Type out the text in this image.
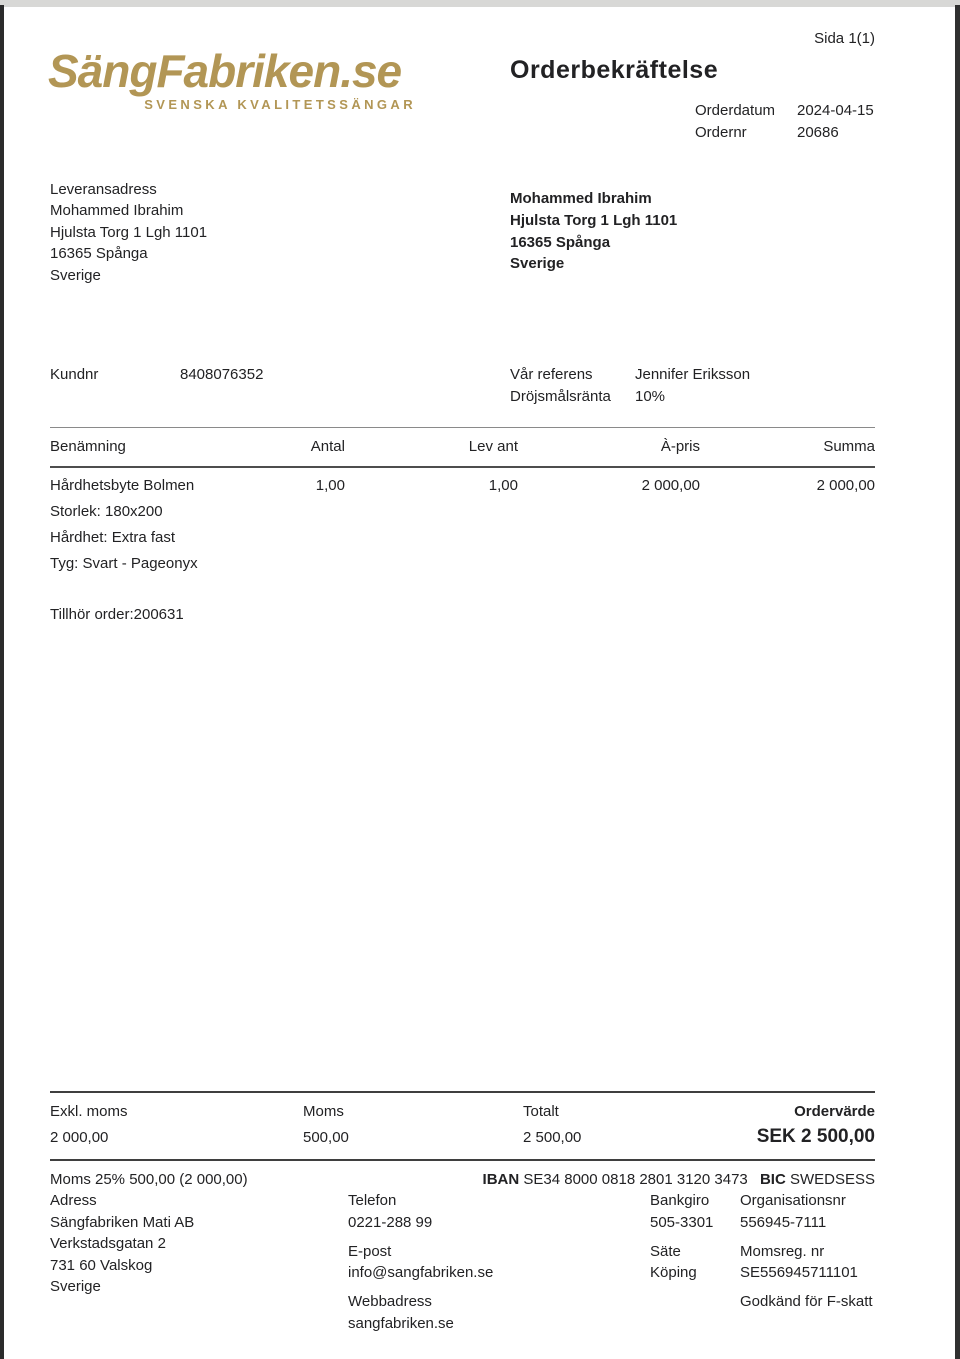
SängFabriken.se
SVENSKA KVALITETSSÄNGAR
Sida 1(1)
Orderbekräftelse
Orderdatum	2024-04-15
Ordernr	20686
Leveransadress
Mohammed Ibrahim
Hjulsta Torg 1 Lgh 1101
16365 Spånga
Sverige
Mohammed Ibrahim
Hjulsta Torg 1 Lgh 1101
16365 Spånga
Sverige
Kundnr	8408076352	Vår referens	Jennifer Eriksson
Dröjsmålsränta	10%
Benämning	Antal	Lev ant	À-pris	Summa
Hårdhetsbyte Bolmen	1,00	1,00	2 000,00	2 000,00
Storlek: 180x200
Hårdhet: Extra fast
Tyg: Svart - Pageonyx
Tillhör order:200631
Exkl. moms	Moms	Totalt	Ordervärde
2 000,00	500,00	2 500,00	SEK 2 500,00
Moms 25% 500,00 (2 000,00)	IBAN SE34 8000 0818 2801 3120 3473 BIC SWEDSESS
Adress
Sängfabriken Mati AB
Verkstadsgatan 2
731 60 Valskog
Sverige
Telefon
0221-288 99
E-post
info@sangfabriken.se
Webbadress
sangfabriken.se
Bankgiro
505-3301
Säte
Köping
Organisationsnr
556945-7111
Momsreg. nr
SE556945711101
Godkänd för F-skatt
